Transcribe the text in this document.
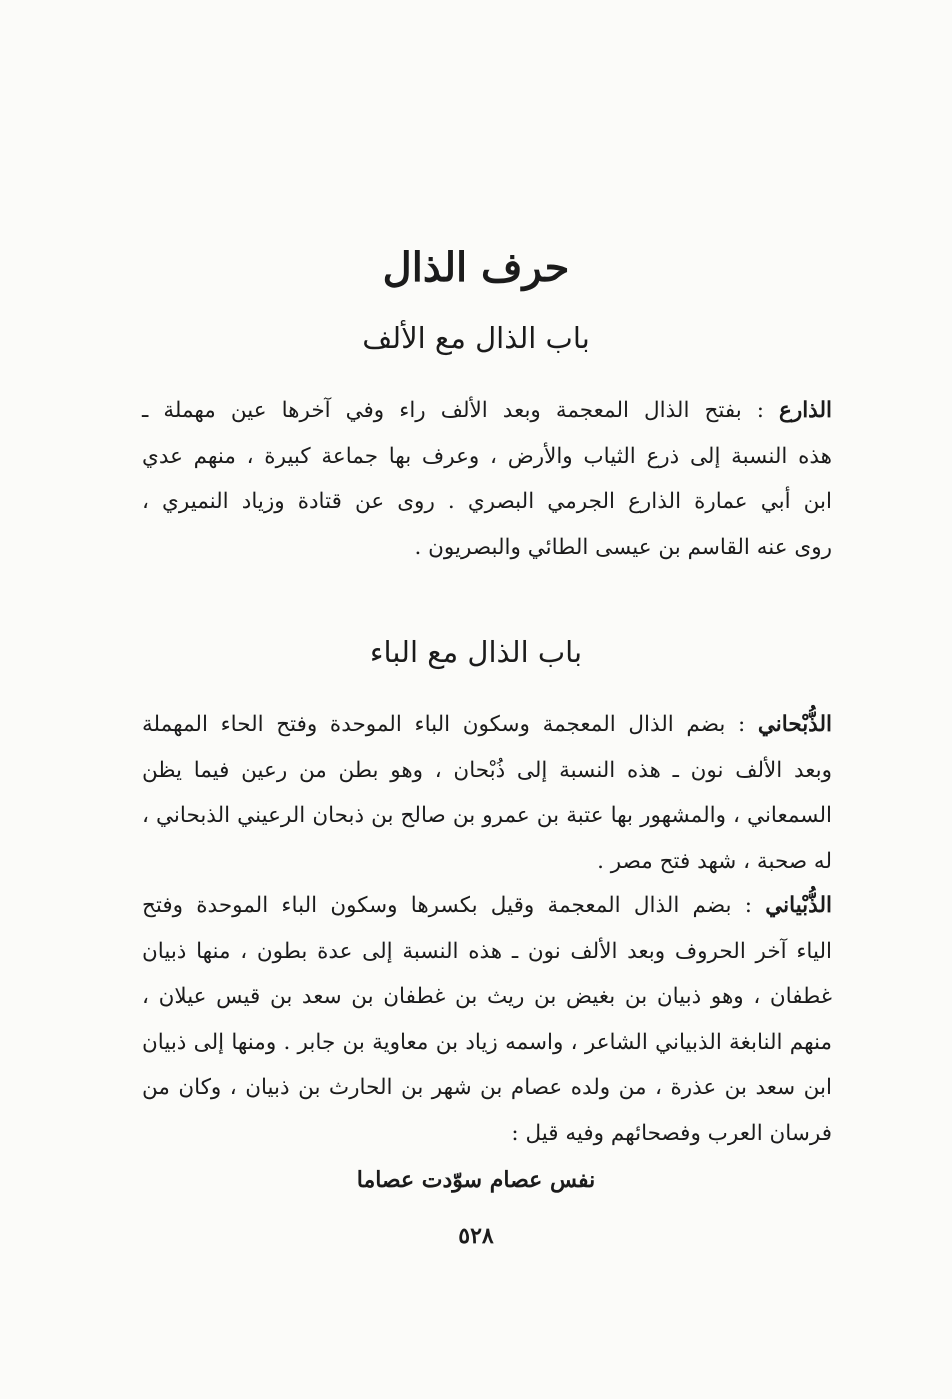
حرف الذال
باب الذال مع الألف
الذارع : بفتح الذال المعجمة وبعد الألف راء وفي آخرها عين مهملة ـ
هذه النسبة إلى ذرع الثياب والأرض ، وعرف بها جماعة كبيرة ، منهم عدي
ابن أبي عمارة الذارع الجرمي البصري . روى عن قتادة وزياد النميري ،
روى عنه القاسم بن عيسى الطائي والبصريون .
باب الذال مع الباء
الذُّبْحاني : بضم الذال المعجمة وسكون الباء الموحدة وفتح الحاء المهملة
وبعد الألف نون ـ هذه النسبة إلى ذُبْحان ، وهو بطن من رعين فيما يظن
السمعاني ، والمشهور بها عتبة بن عمرو بن صالح بن ذبحان الرعيني الذبحاني ،
له صحبة ، شهد فتح مصر .
الذُّبْياني : بضم الذال المعجمة وقيل بكسرها وسكون الباء الموحدة وفتح
الياء آخر الحروف وبعد الألف نون ـ هذه النسبة إلى عدة بطون ، منها ذبيان
غطفان ، وهو ذبيان بن بغيض بن ريث بن غطفان بن سعد بن قيس عيلان ،
منهم النابغة الذبياني الشاعر ، واسمه زياد بن معاوية بن جابر . ومنها إلى ذبيان
ابن سعد بن عذرة ، من ولده عصام بن شهر بن الحارث بن ذبيان ، وكان من
فرسان العرب وفصحائهم وفيه قيل :
نفس عصام سوّدت عصاما
٥٢٨
